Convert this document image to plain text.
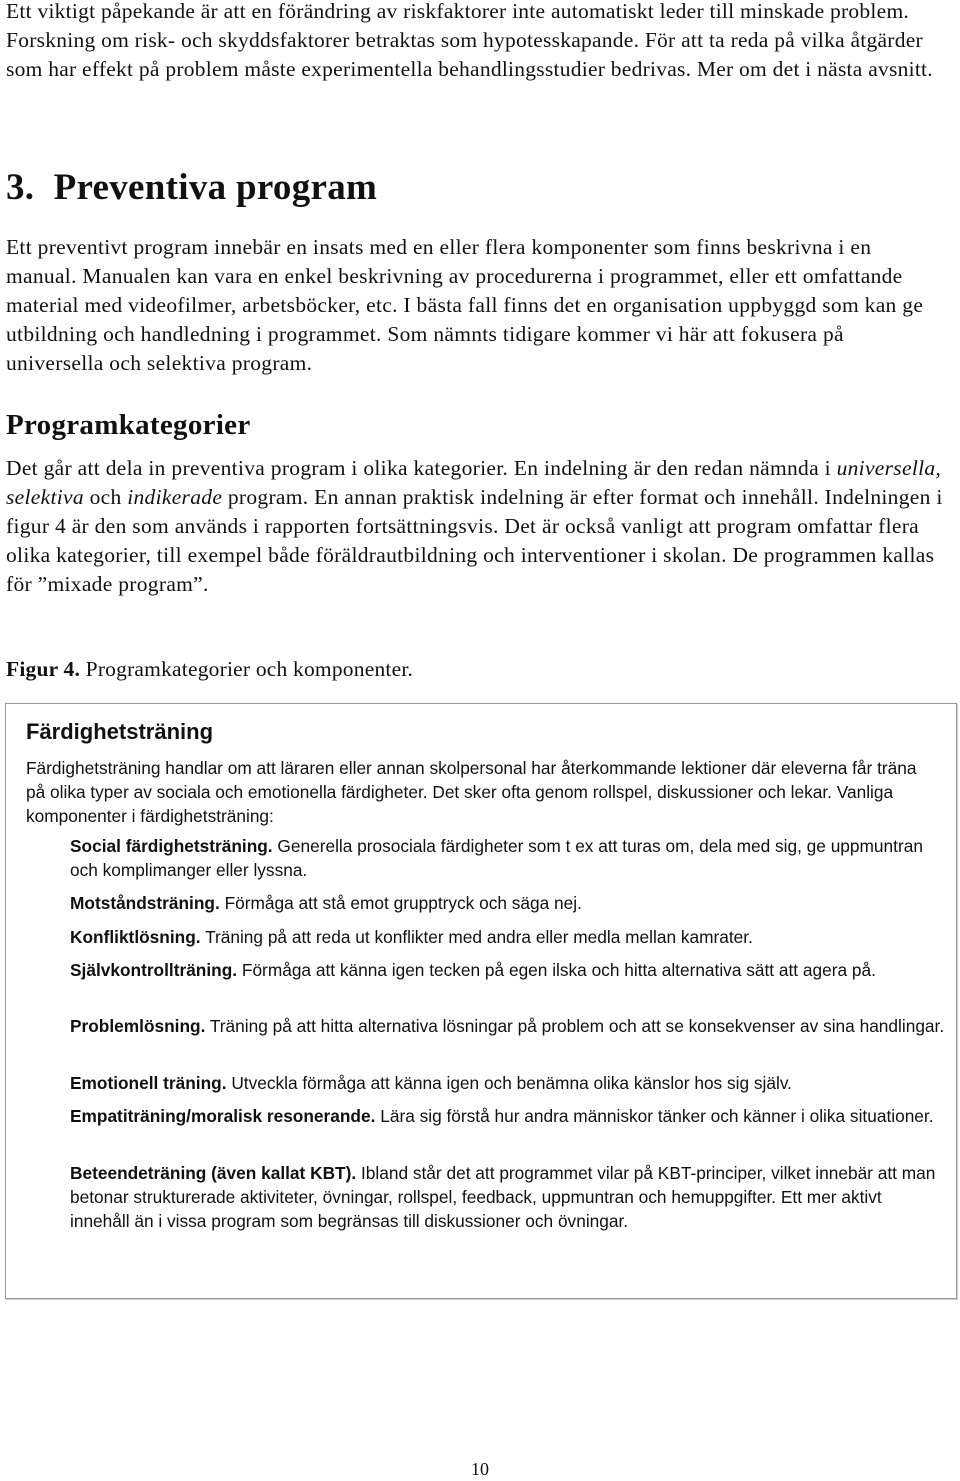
Ett viktigt påpekande är att en förändring av riskfaktorer inte automatiskt leder till minskade problem. Forskning om risk- och skyddsfaktorer betraktas som hypotesskapande. För att ta reda på vilka åtgärder som har effekt på problem måste experimentella behandlingsstudier bedrivas. Mer om det i nästa avsnitt.

3. Preventiva program

Ett preventivt program innebär en insats med en eller flera komponenter som finns beskrivna i en manual. Manualen kan vara en enkel beskrivning av procedurerna i programmet, eller ett omfattande material med videofilmer, arbetsböcker, etc. I bästa fall finns det en organisation uppbyggd som kan ge utbildning och handledning i programmet. Som nämnts tidigare kommer vi här att fokusera på universella och selektiva program.

Programkategorier

Det går att dela in preventiva program i olika kategorier. En indelning är den redan nämnda i universella, selektiva och indikerade program. En annan praktisk indelning är efter format och innehåll. Indelningen i figur 4 är den som används i rapporten fortsättningsvis. Det är också vanligt att program omfattar flera olika kategorier, till exempel både föräldrautbildning och interventioner i skolan. De programmen kallas för ”mixade program”.

Figur 4. Programkategorier och komponenter.

Färdighetsträning

Färdighetsträning handlar om att läraren eller annan skolpersonal har återkommande lektioner där eleverna får träna på olika typer av sociala och emotionella färdigheter. Det sker ofta genom rollspel, diskussioner och lekar. Vanliga komponenter i färdighetsträning:

Social färdighetsträning. Generella prosociala färdigheter som t ex att turas om, dela med sig, ge uppmuntran och komplimanger eller lyssna.

Motståndsträning. Förmåga att stå emot grupptryck och säga nej.

Konfliktlösning. Träning på att reda ut konflikter med andra eller medla mellan kamrater.

Självkontrollträning. Förmåga att känna igen tecken på egen ilska och hitta alternativa sätt att agera på.

Problemlösning. Träning på att hitta alternativa lösningar på problem och att se konsekvenser av sina handlingar.

Emotionell träning. Utveckla förmåga att känna igen och benämna olika känslor hos sig själv.

Empatiträning/moralisk resonerande. Lära sig förstå hur andra människor tänker och känner i olika situationer.

Beteendeträning (även kallat KBT). Ibland står det att programmet vilar på KBT-principer, vilket innebär att man betonar strukturerade aktiviteter, övningar, rollspel, feedback, uppmuntran och hemuppgifter. Ett mer aktivt innehåll än i vissa program som begränsas till diskussioner och övningar.

10
